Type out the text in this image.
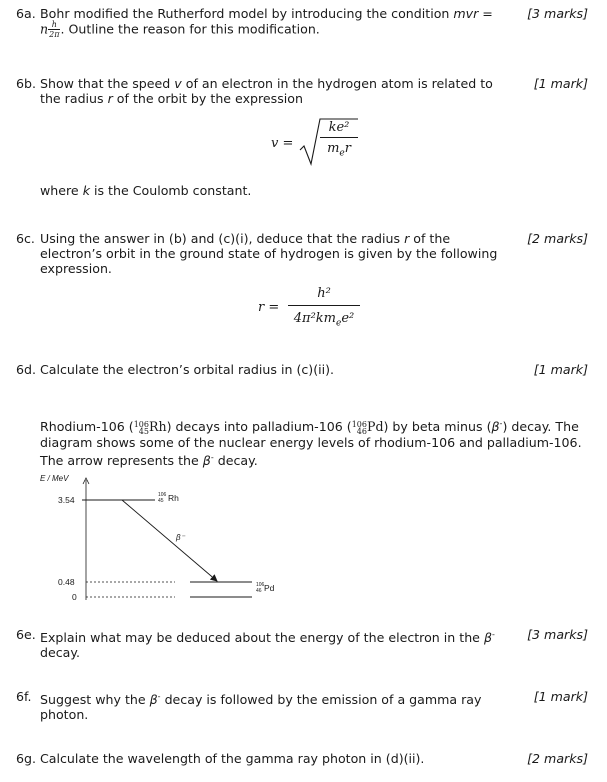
6a.	[3 marks]
Bohr modified the Rutherford model by introducing the condition mvr =
n $\frac{h}{2\pi}$ . Outline the reason for this modification.
6b.	[1 mark]
Show that the speed v of an electron in the hydrogen atom is related to the radius r of the orbit by the expression
v =
ke²
$m_er$
where k is the Coulomb constant.
6c.	[2 marks]
Using the answer in (b) and (c)(i), deduce that the radius r of the electron’s orbit in the ground state of hydrogen is given by the following expression.
r =
h²
$4\pi^2km_ee^2$
6d.	[1 mark]
Calculate the electron’s orbital radius in (c)(ii).
Rhodium-106 ( 106
45 Rh) decays into palladium-106 ( 106
46 Pd) by beta minus (β-) decay. The diagram shows some of the nuclear energy levels of rhodium-106 and palladium-106. The arrow represents the β- decay.
E / MeV
3.54
0.48
0
β⁻
106
45 Rh
106
46 Pd
6e.	[3 marks]
Explain what may be deduced about the energy of the electron in the β- decay.
6f.	[1 mark]
Suggest why the β- decay is followed by the emission of a gamma ray photon.
6g.	[2 marks]
Calculate the wavelength of the gamma ray photon in (d)(ii).
